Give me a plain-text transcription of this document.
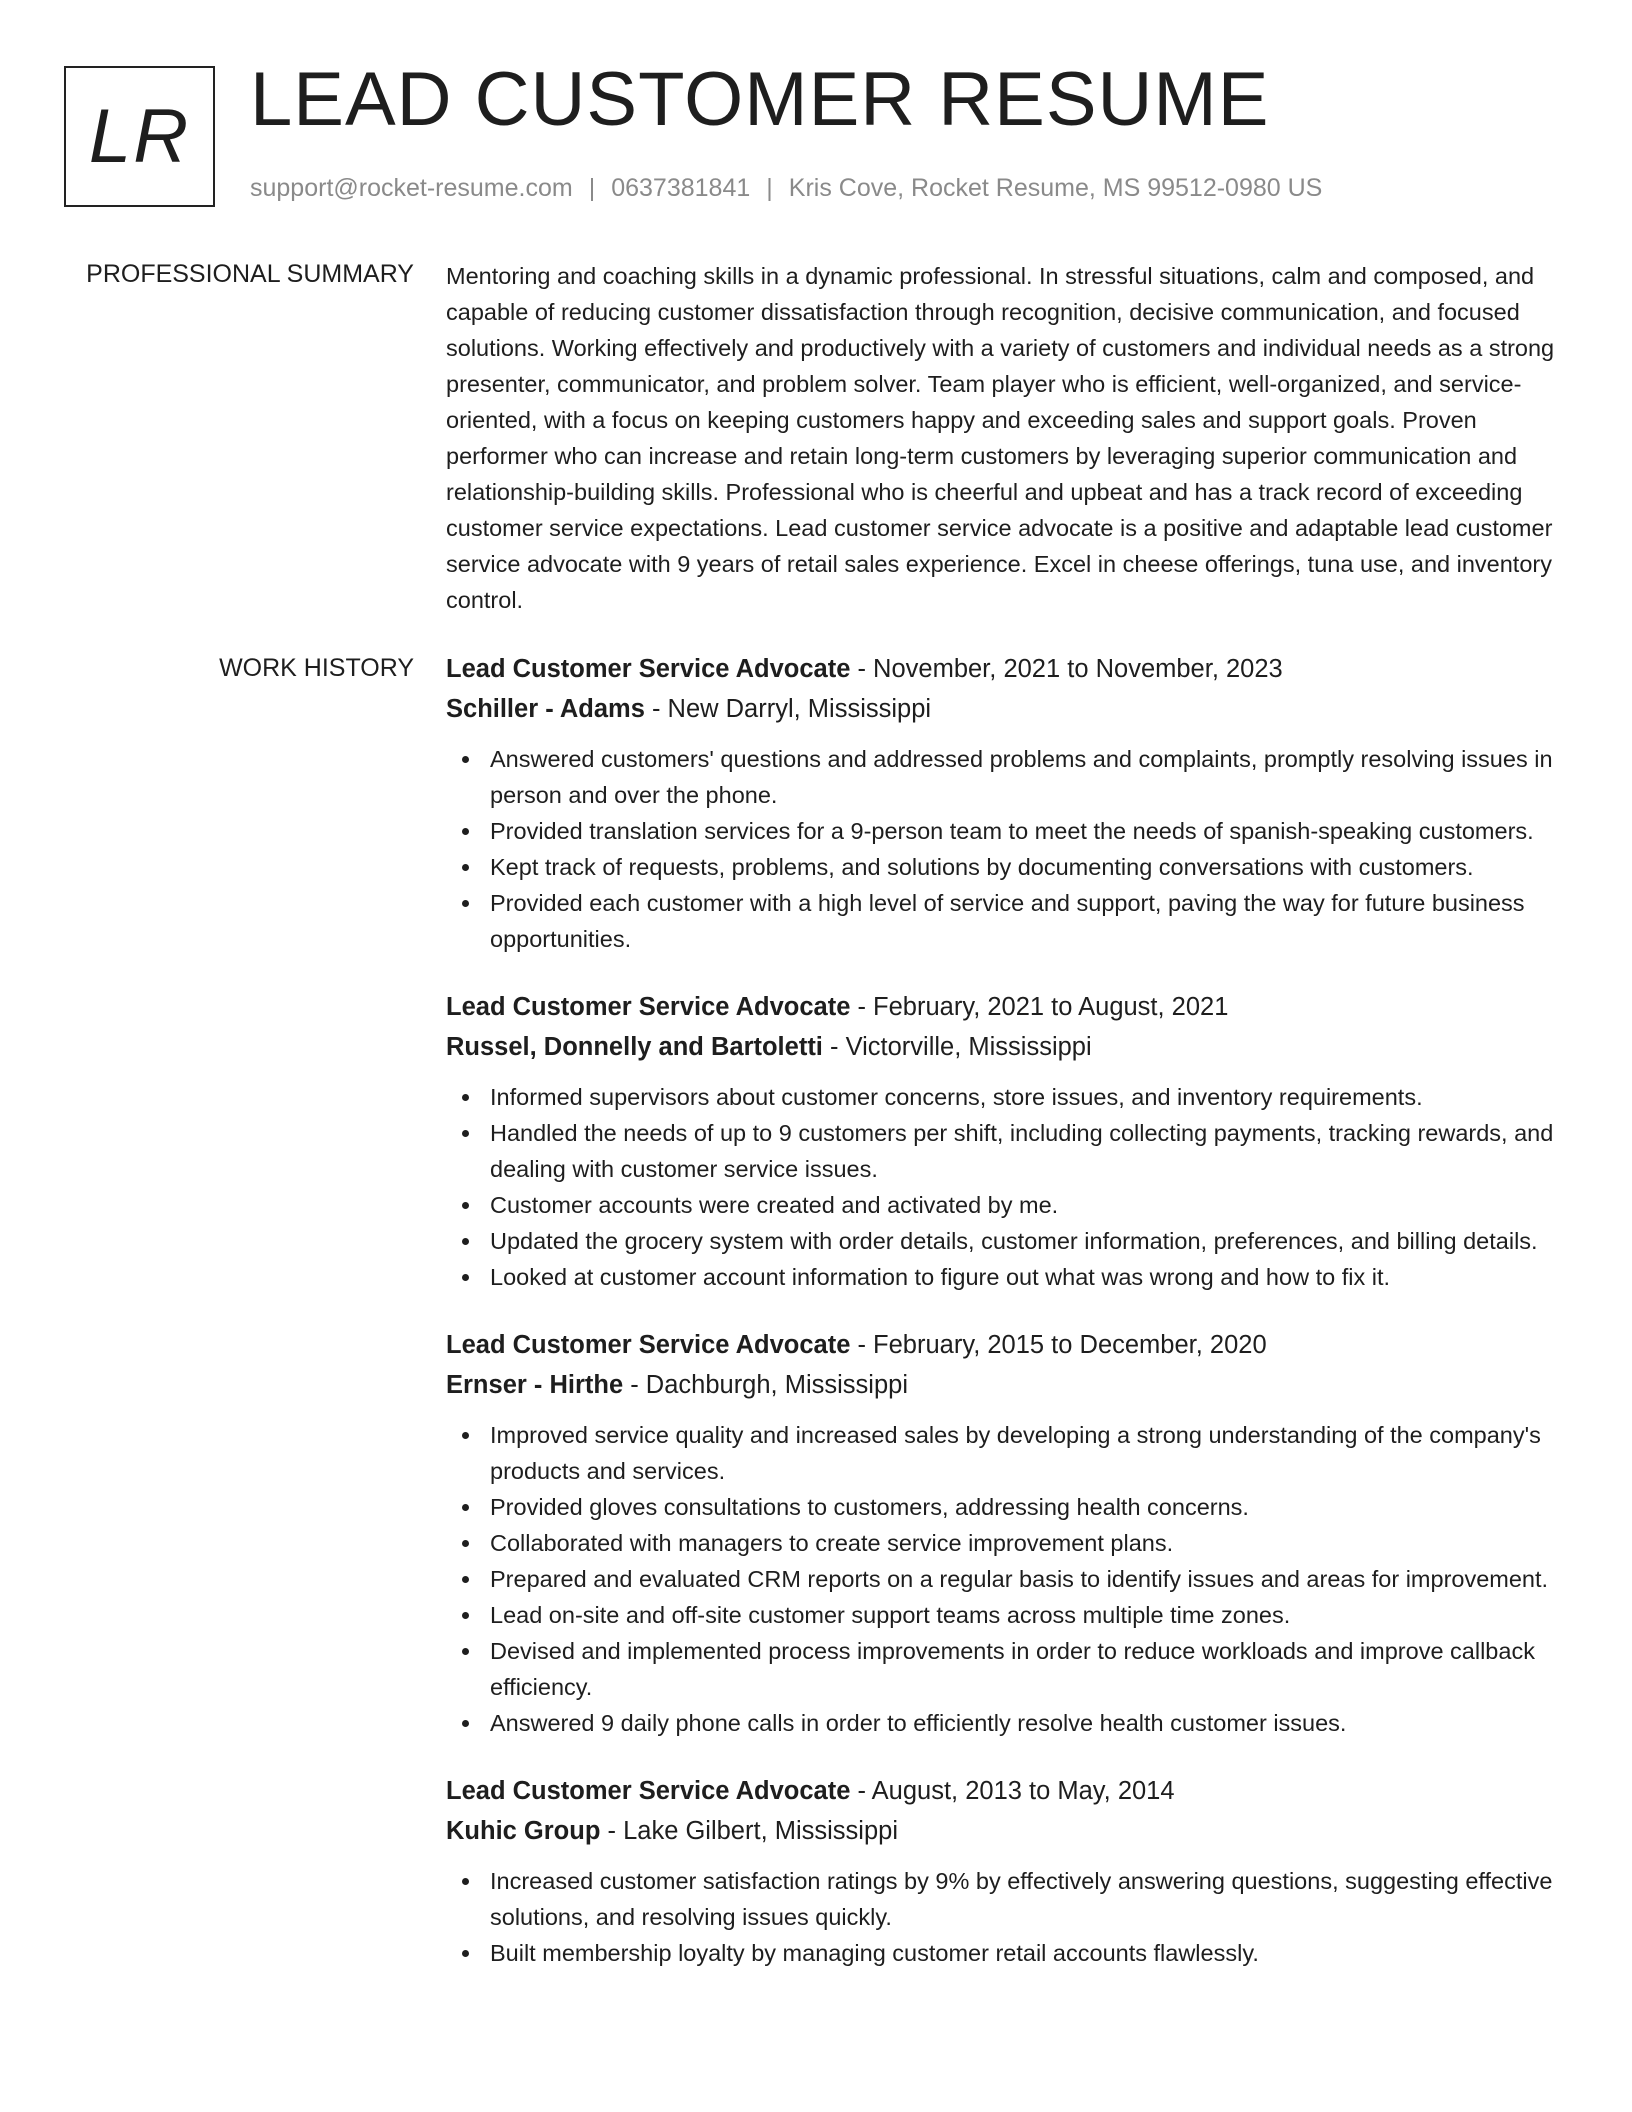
LR LEAD CUSTOMER RESUME
support@rocket-resume.com | 0637381841 | Kris Cove, Rocket Resume, MS 99512-0980 US
PROFESSIONAL SUMMARY Mentoring and coaching skills in a dynamic professional. In stressful situations, calm and composed, and capable of reducing customer dissatisfaction through recognition, decisive communication, and focused solutions. Working effectively and productively with a variety of customers and individual needs as a strong presenter, communicator, and problem solver. Team player who is efficient, well-organized, and service-oriented, with a focus on keeping customers happy and exceeding sales and support goals. Proven performer who can increase and retain long-term customers by leveraging superior communication and relationship-building skills. Professional who is cheerful and upbeat and has a track record of exceeding customer service expectations. Lead customer service advocate is a positive and adaptable lead customer service advocate with 9 years of retail sales experience. Excel in cheese offerings, tuna use, and inventory control.

WORK HISTORY Lead Customer Service Advocate - November, 2021 to November, 2023
Schiller - Adams - New Darryl, Mississippi
Answered customers' questions and addressed problems and complaints, promptly resolving issues in person and over the phone.
Provided translation services for a 9-person team to meet the needs of spanish-speaking customers.
Kept track of requests, problems, and solutions by documenting conversations with customers.
Provided each customer with a high level of service and support, paving the way for future business opportunities.
Lead Customer Service Advocate - February, 2021 to August, 2021
Russel, Donnelly and Bartoletti - Victorville, Mississippi
Informed supervisors about customer concerns, store issues, and inventory requirements.
Handled the needs of up to 9 customers per shift, including collecting payments, tracking rewards, and dealing with customer service issues.
Customer accounts were created and activated by me.
Updated the grocery system with order details, customer information, preferences, and billing details.
Looked at customer account information to figure out what was wrong and how to fix it.
Lead Customer Service Advocate - February, 2015 to December, 2020
Ernser - Hirthe - Dachburgh, Mississippi
Improved service quality and increased sales by developing a strong understanding of the company's products and services.
Provided gloves consultations to customers, addressing health concerns.
Collaborated with managers to create service improvement plans.
Prepared and evaluated CRM reports on a regular basis to identify issues and areas for improvement.
Lead on-site and off-site customer support teams across multiple time zones.
Devised and implemented process improvements in order to reduce workloads and improve callback efficiency.
Answered 9 daily phone calls in order to efficiently resolve health customer issues.
Lead Customer Service Advocate - August, 2013 to May, 2014
Kuhic Group - Lake Gilbert, Mississippi
Increased customer satisfaction ratings by 9% by effectively answering questions, suggesting effective solutions, and resolving issues quickly.
Built membership loyalty by managing customer retail accounts flawlessly.
